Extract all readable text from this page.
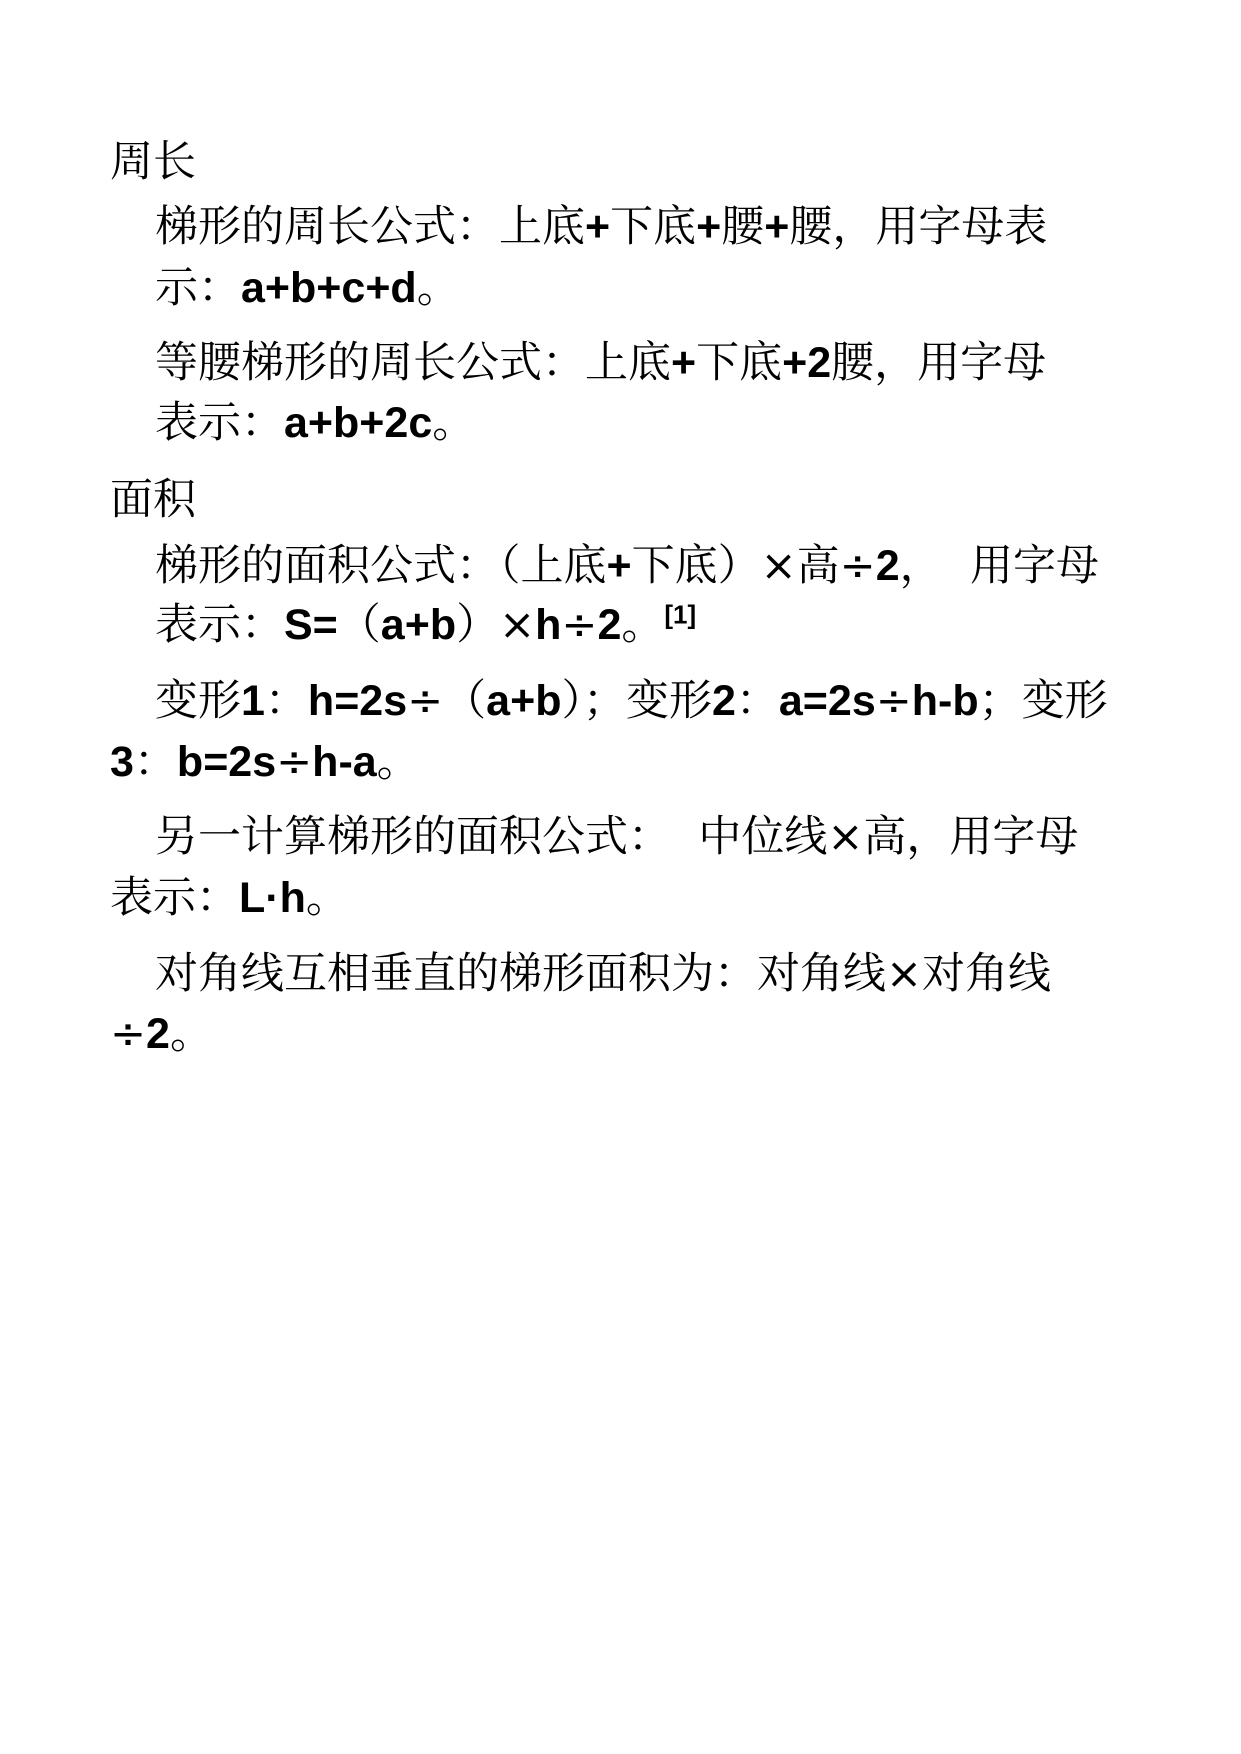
周长

梯形的周长公式：上底+下底+腰+腰，用字母表

示：a+b+c+d。

等腰梯形的周长公式：上底+下底+2腰，用字母

表示：a+b+2c。

面积

梯形的面积公式：（上底+下底）×高÷2，  用字母

表示：S=（a+b）×h÷2。[1]

变形1：h=2s÷（a+b）；变形2：a=2s÷h-b；变形

3：b=2s÷h-a。

另一计算梯形的面积公式：  中位线×高，用字母

表示：L·h。

对角线互相垂直的梯形面积为：对角线×对角线

÷2。
